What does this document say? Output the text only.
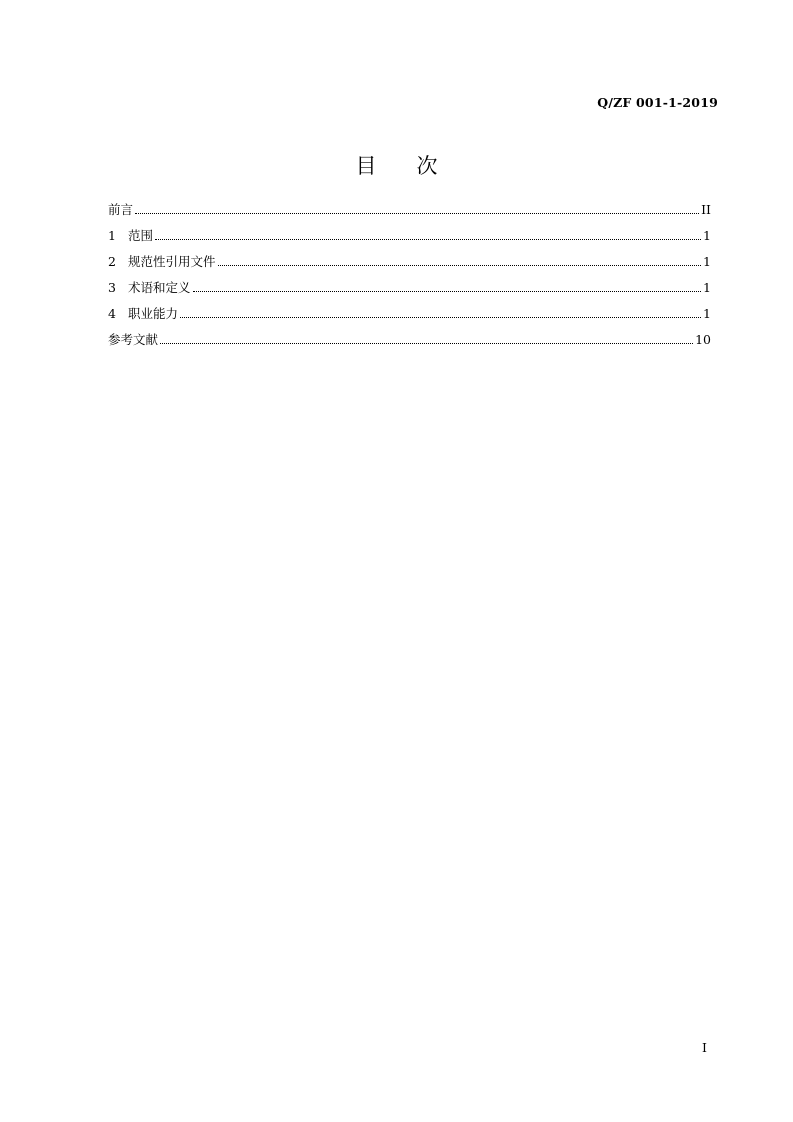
Q/ZF 001-1-2019
目 次
前言	II
1 范围	1
2 规范性引用文件	1
3 术语和定义	1
4 职业能力	1
参考文献	10
I
